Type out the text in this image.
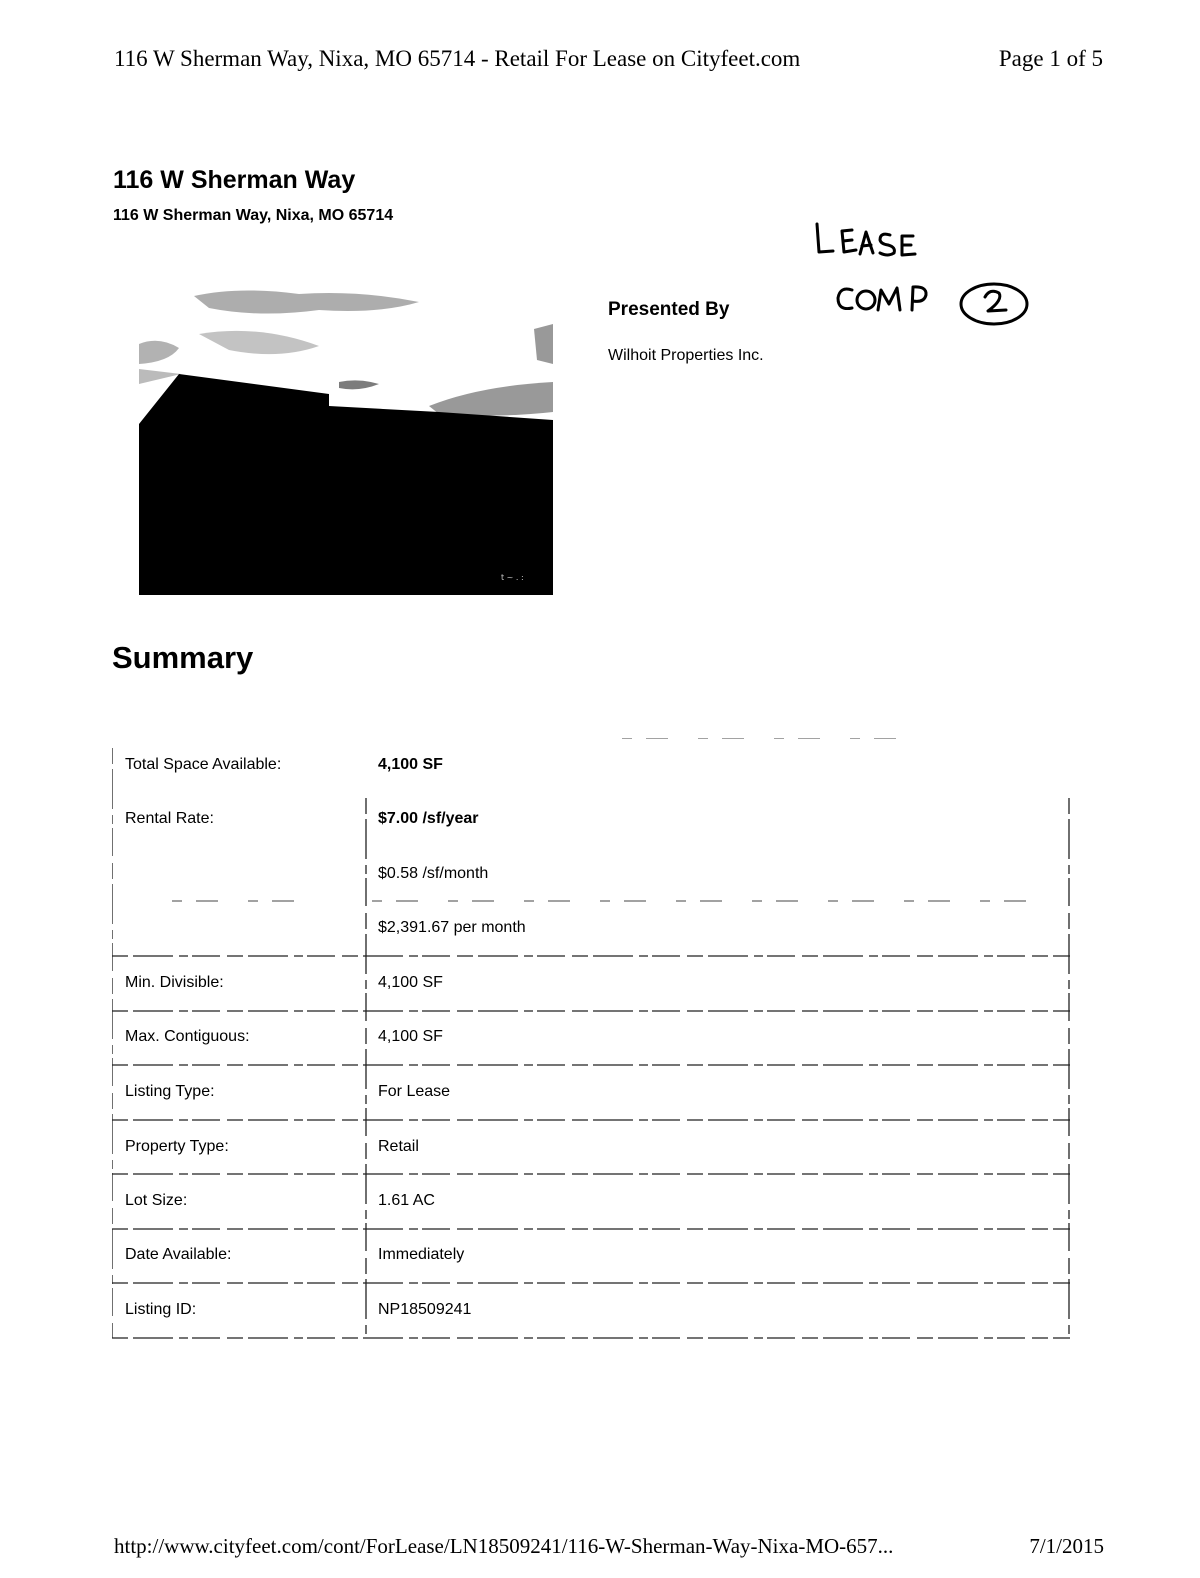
116 W Sherman Way, Nixa, MO 65714 - Retail For Lease on Cityfeet.com	Page 1 of 5
116 W Sherman Way
116 W Sherman Way, Nixa, MO 65714
t ~ . :
Presented By
Wilhoit Properties Inc.
Summary
Total Space Available:	4,100 SF
Rental Rate:	$7.00 /sf/year
$0.58 /sf/month
$2,391.67 per month
Min. Divisible:	4,100 SF
Max. Contiguous:	4,100 SF
Listing Type:	For Lease
Property Type:	Retail
Lot Size:	1.61 AC
Date Available:	Immediately
Listing ID:	NP18509241
http://www.cityfeet.com/cont/ForLease/LN18509241/116-W-Sherman-Way-Nixa-MO-657...	7/1/2015
